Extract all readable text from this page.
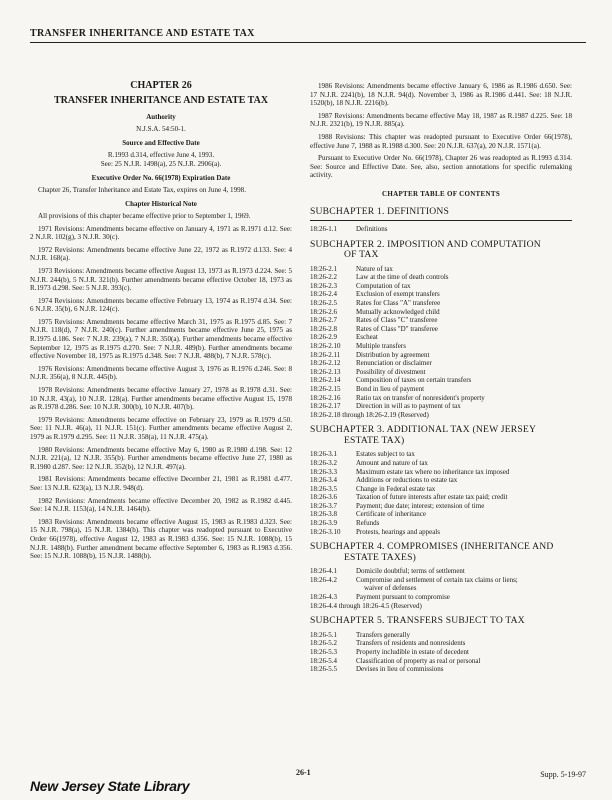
TRANSFER INHERITANCE AND ESTATE TAX
CHAPTER 26
TRANSFER INHERITANCE AND ESTATE TAX
Authority
N.J.S.A. 54:50-1.
Source and Effective Date
R.1993 d.314, effective June 4, 1993.
See: 25 N.J.R. 1498(a), 25 N.J.R. 2906(a).
Executive Order No. 66(1978) Expiration Date
Chapter 26, Transfer Inheritance and Estate Tax, expires on June 4, 1998.
Chapter Historical Note
All provisions of this chapter became effective prior to September 1, 1969.
1971 Revisions: Amendments became effective on January 4, 1971 as R.1971 d.12. See: 2 N.J.R. 102(g), 3 N.J.R. 30(c).
1972 Revisions: Amendments became effective June 22, 1972 as R.1972 d.133. See: 4 N.J.R. 168(a).
1973 Revisions: Amendments became effective August 13, 1973 as R.1973 d.224. See: 5 N.J.R. 244(b), 5 N.J.R. 321(b). Further amendments became effective October 18, 1973 as R.1973 d.298. See: 5 N.J.R. 393(c).
1974 Revisions: Amendments became effective February 13, 1974 as R.1974 d.34. See: 6 N.J.R. 35(b), 6 N.J.R. 124(c).
1975 Revisions: Amendments became effective March 31, 1975 as R.1975 d.85. See: 7 N.J.R. 118(d), 7 N.J.R. 240(c). Further amendments became effective June 25, 1975 as R.1975 d.186. See: 7 N.J.R. 239(a), 7 N.J.R. 350(a). Further amendments became effective September 12, 1975 as R.1975 d.270. See: 7 N.J.R. 489(b). Further amendments became effective November 18, 1975 as R.1975 d.348. See: 7 N.J.R. 488(b), 7 N.J.R. 578(c).
1976 Revisions: Amendments became effective August 3, 1976 as R.1976 d.246. See: 8 N.J.R. 356(a), 8 N.J.R. 445(b).
1978 Revisions: Amendments became effective January 27, 1978 as R.1978 d.31. See: 10 N.J.R. 43(a), 10 N.J.R. 128(a). Further amendments became effective August 15, 1978 as R.1978 d.286. See: 10 N.J.R. 300(b), 10 N.J.R. 407(b).
1979 Revisions: Amendments became effective on February 23, 1979 as R.1979 d.50. See: 11 N.J.R. 46(a), 11 N.J.R. 151(c). Further amendments became effective August 2, 1979 as R.1979 d.295. See: 11 N.J.R. 358(a), 11 N.J.R. 475(a).
1980 Revisions: Amendments became effective May 6, 1980 as R.1980 d.198. See: 12 N.J.R. 221(a), 12 N.J.R. 355(b). Further amendments became effective June 27, 1980 as R.1980 d.287. See: 12 N.J.R. 352(b), 12 N.J.R. 497(a).
1981 Revisions: Amendments became effective December 21, 1981 as R.1981 d.477. See: 13 N.J.R. 623(a), 13 N.J.R. 948(d).
1982 Revisions: Amendments became effective December 20, 1982 as R.1982 d.445. See: 14 N.J.R. 1153(a), 14 N.J.R. 1464(b).
1983 Revisions: Amendments became effective August 15, 1983 as R.1983 d.323. See: 15 N.J.R. 798(a), 15 N.J.R. 1384(b). This chapter was readopted pursuant to Executive Order 66(1978), effective August 12, 1983 as R.1983 d.356. See: 15 N.J.R. 1088(b), 15 N.J.R. 1488(b). Further amendment became effective September 6, 1983 as R.1983 d.356. See: 15 N.J.R. 1088(b), 15 N.J.R. 1488(b).
1986 Revisions: Amendments became effective January 6, 1986 as R.1986 d.650. See: 17 N.J.R. 2241(b), 18 N.J.R. 94(d). November 3, 1986 as R.1986 d.441. See: 18 N.J.R. 1520(b), 18 N.J.R. 2216(b).
1987 Revisions: Amendments became effective May 18, 1987 as R.1987 d.225. See: 18 N.J.R. 2321(b), 19 N.J.R. 885(a).
1988 Revisions: This chapter was readopted pursuant to Executive Order 66(1978), effective June 7, 1988 as R.1988 d.300. See: 20 N.J.R. 637(a), 20 N.J.R. 1571(a).
Pursuant to Executive Order No. 66(1978), Chapter 26 was readopted as R.1993 d.314. See: Source and Effective Date. See, also, section annotations for specific rulemaking activity.
CHAPTER TABLE OF CONTENTS
SUBCHAPTER 1. DEFINITIONS
18:26-1.1	Definitions
SUBCHAPTER 2. IMPOSITION AND COMPUTATION
OF TAX
18:26-2.1	Nature of tax
18:26-2.2	Law at the time of death controls
18:26-2.3	Computation of tax
18:26-2.4	Exclusion of exempt transfers
18:26-2.5	Rates for Class "A" transferee
18:26-2.6	Mutually acknowledged child
18:26-2.7	Rates of Class "C" transferee
18:26-2.8	Rates of Class "D" transferee
18:26-2.9	Escheat
18:26-2.10	Multiple transfers
18:26-2.11	Distribution by agreement
18:26-2.12	Renunciation or disclaimer
18:26-2.13	Possibility of divestment
18:26-2.14	Composition of taxes on certain transfers
18:26-2.15	Bond in lieu of payment
18:26-2.16	Ratio tax on transfer of nonresident's property
18:26-2.17	Direction in will as to payment of tax
18:26-2.18 through 18:26-2.19 (Reserved)
SUBCHAPTER 3. ADDITIONAL TAX (NEW JERSEY
ESTATE TAX)
18:26-3.1	Estates subject to tax
18:26-3.2	Amount and nature of tax
18:26-3.3	Maximum estate tax where no inheritance tax imposed
18:26-3.4	Additions or reductions to estate tax
18:26-3.5	Change in Federal estate tax
18:26-3.6	Taxation of future interests after estate tax paid; credit
18:26-3.7	Payment; due date; interest; extension of time
18:26-3.8	Certificate of inheritance
18:26-3.9	Refunds
18:26-3.10	Protests, hearings and appeals
SUBCHAPTER 4. COMPROMISES (INHERITANCE AND
ESTATE TAXES)
18:26-4.1	Domicile doubtful; terms of settlement
18:26-4.2	Compromise and settlement of certain tax claims or liens;
waiver of defenses
18:26-4.3	Payment pursuant to compromise
18:26-4.4 through 18:26-4.5 (Reserved)
SUBCHAPTER 5. TRANSFERS SUBJECT TO TAX
18:26-5.1	Transfers generally
18:26-5.2	Transfers of residents and nonresidents
18:26-5.3	Property includible in estate of decedent
18:26-5.4	Classification of property as real or personal
18:26-5.5	Devises in lieu of commissions
New Jersey State Library
26-1	Supp. 5-19-97
